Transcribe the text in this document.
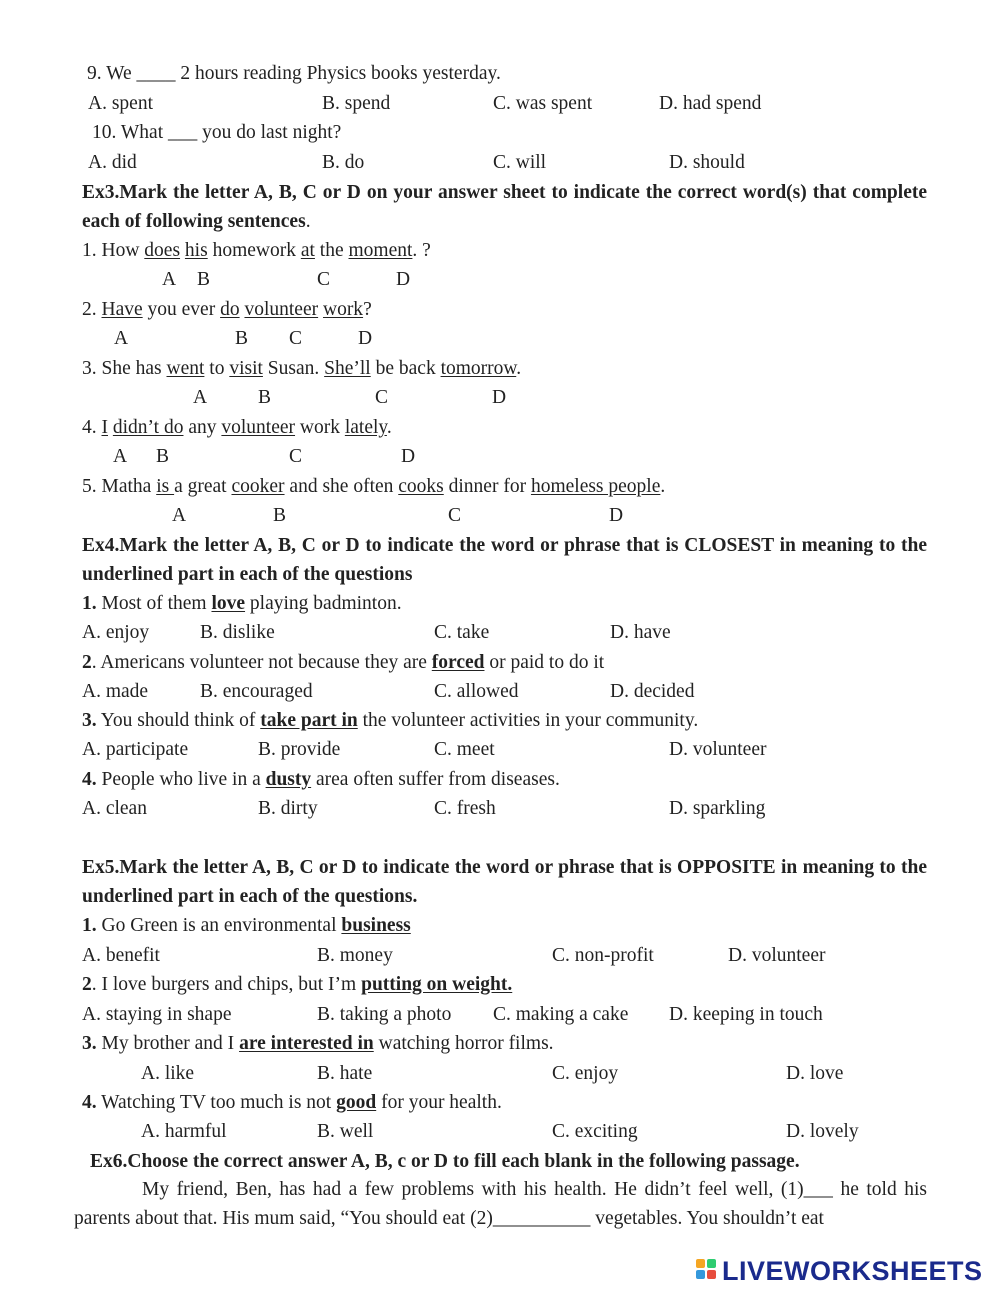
9. We ____ 2 hours reading Physics books yesterday.
A. spent	B. spend	C. was spent	D. had spend
10. What ___ you do last night?
A. did	B. do	C. will	D. should
Ex3.Mark the letter A, B, C or D on your answer sheet to indicate the correct word(s) that complete each of following sentences.
1. How does his homework at the moment. ?
A B	C	D
2. Have you ever do volunteer work?
A	B C	D
3. She has went to visit Susan. She’ll be back tomorrow.
A	B	C	D
4. I didn’t do any volunteer work lately.
A B	C	D
5. Matha is a great cooker and she often cooks dinner for homeless people.
A	B	C	D
Ex4.Mark the letter A, B, C or D to indicate the word or phrase that is CLOSEST in meaning to the underlined part in each of the questions
1. Most of them love playing badminton.
A. enjoy	B. dislike	C. take	D. have
2. Americans volunteer not because they are forced or paid to do it
A. made	B. encouraged	C. allowed	D. decided
3. You should think of take part in the volunteer activities in your community.
A. participate	B. provide	C. meet	D. volunteer
4. People who live in a dusty area often suffer from diseases.
A. clean	B. dirty	C. fresh	D. sparkling
Ex5.Mark the letter A, B, C or D to indicate the word or phrase that is OPPOSITE in meaning to the underlined part in each of the questions.
1. Go Green is an environmental business
A. benefit	B. money	C. non-profit	D. volunteer
2. I love burgers and chips, but I’m putting on weight.
A. staying in shape	B. taking a photo C. making a cake D. keeping in touch
3. My brother and I are interested in watching horror films.
A. like	B. hate	C. enjoy	D. love
4. Watching TV too much is not good for your health.
A. harmful	B. well	C. exciting	D. lovely
Ex6.Choose the correct answer A, B, c or D to fill each blank in the following passage.
My friend, Ben, has had a few problems with his health. He didn’t feel well, (1)___ he told his parents about that. His mum said, “You should eat (2)__________ vegetables. You shouldn’t eat
LIVEWORKSHEETS
